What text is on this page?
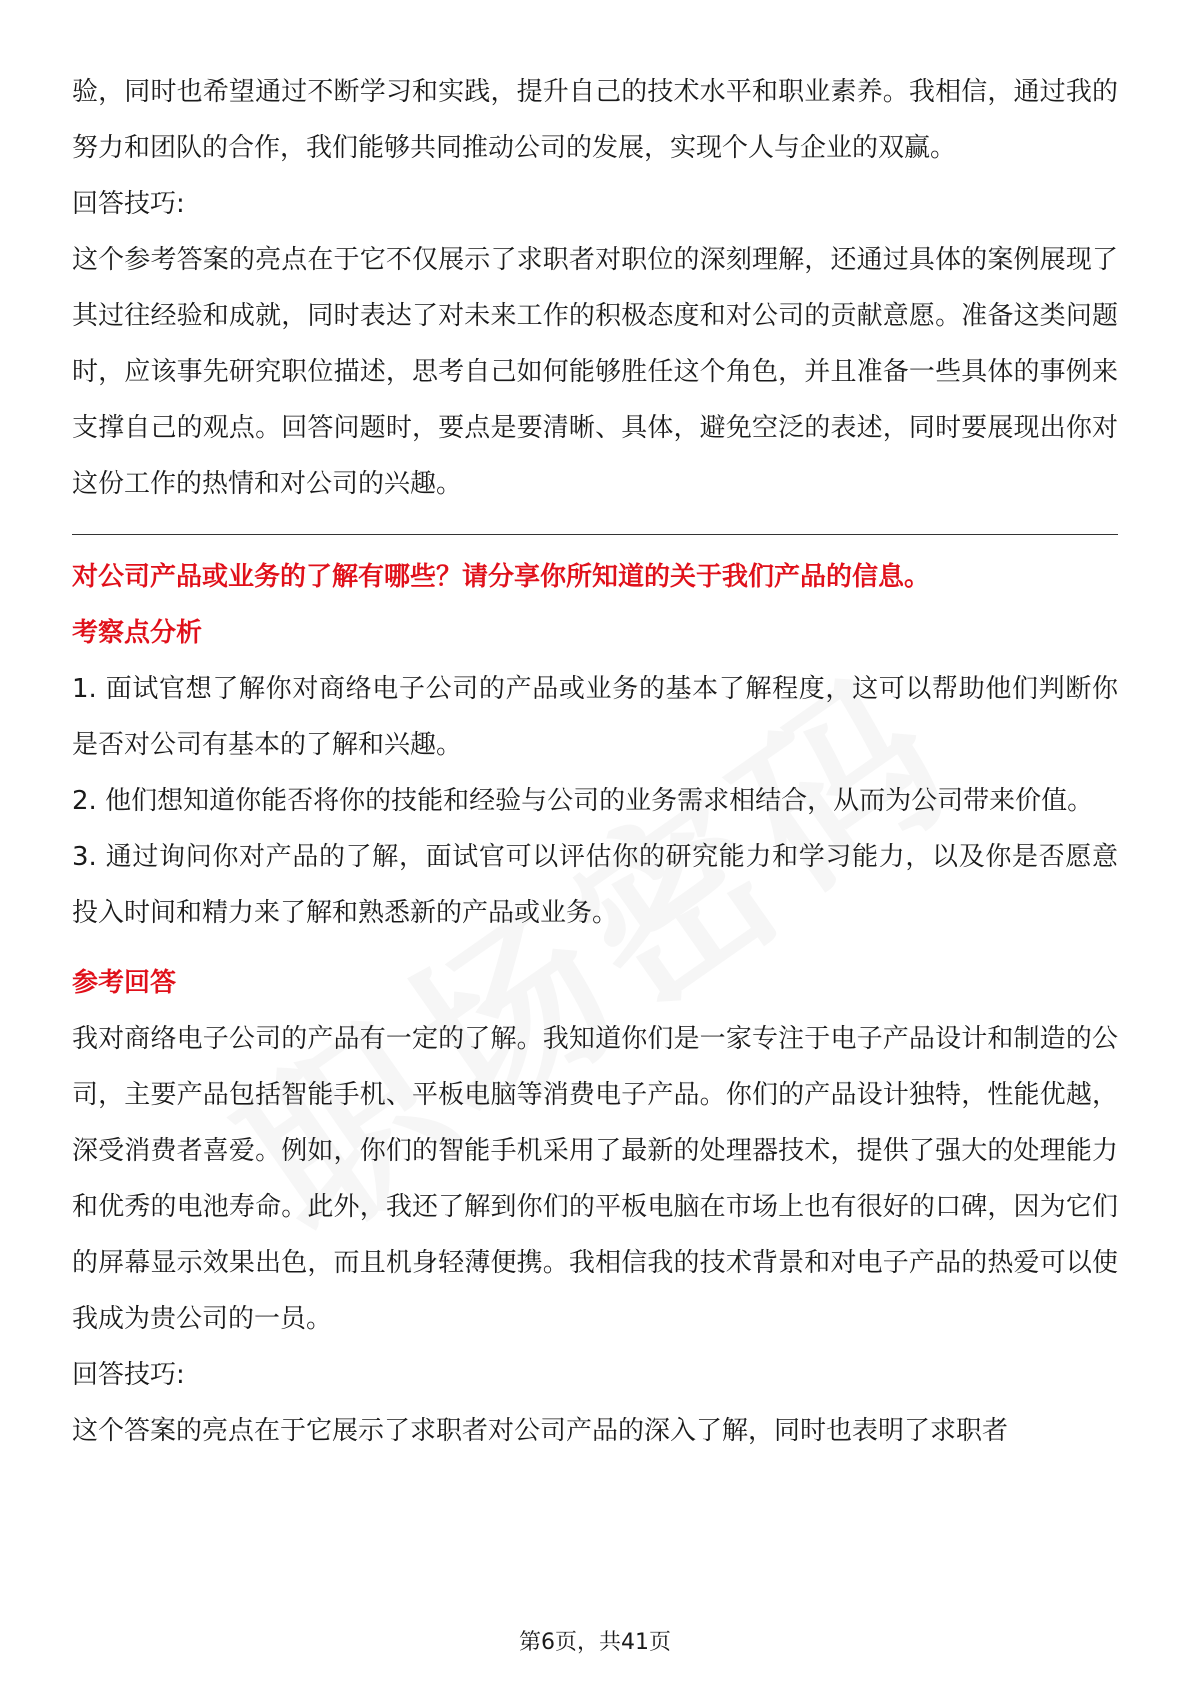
验，同时也希望通过不断学习和实践，提升自己的技术水平和职业素养。我相信，通过我的努力和团队的合作，我们能够共同推动公司的发展，实现个人与企业的双赢。

回答技巧:

这个参考答案的亮点在于它不仅展示了求职者对职位的深刻理解，还通过具体的案例展现了其过往经验和成就，同时表达了对未来工作的积极态度和对公司的贡献意愿。准备这类问题时，应该事先研究职位描述，思考自己如何能够胜任这个角色，并且准备一些具体的事例来支撑自己的观点。回答问题时，要点是要清晰、具体，避免空泛的表述，同时要展现出你对这份工作的热情和对公司的兴趣。

对公司产品或业务的了解有哪些？请分享你所知道的关于我们产品的信息。

考察点分析

1. 面试官想了解你对商络电子公司的产品或业务的基本了解程度，这可以帮助他们判断你是否对公司有基本的了解和兴趣。

2. 他们想知道你能否将你的技能和经验与公司的业务需求相结合，从而为公司带来价值。

3. 通过询问你对产品的了解，面试官可以评估你的研究能力和学习能力，以及你是否愿意投入时间和精力来了解和熟悉新的产品或业务。

参考回答

我对商络电子公司的产品有一定的了解。我知道你们是一家专注于电子产品设计和制造的公司，主要产品包括智能手机、平板电脑等消费电子产品。你们的产品设计独特，性能优越，深受消费者喜爱。例如，你们的智能手机采用了最新的处理器技术，提供了强大的处理能力和优秀的电池寿命。此外，我还了解到你们的平板电脑在市场上也有很好的口碑，因为它们的屏幕显示效果出色，而且机身轻薄便携。我相信我的技术背景和对电子产品的热爱可以使我成为贵公司的一员。

回答技巧:

这个答案的亮点在于它展示了求职者对公司产品的深入了解，同时也表明了求职者

第6页，共41页
